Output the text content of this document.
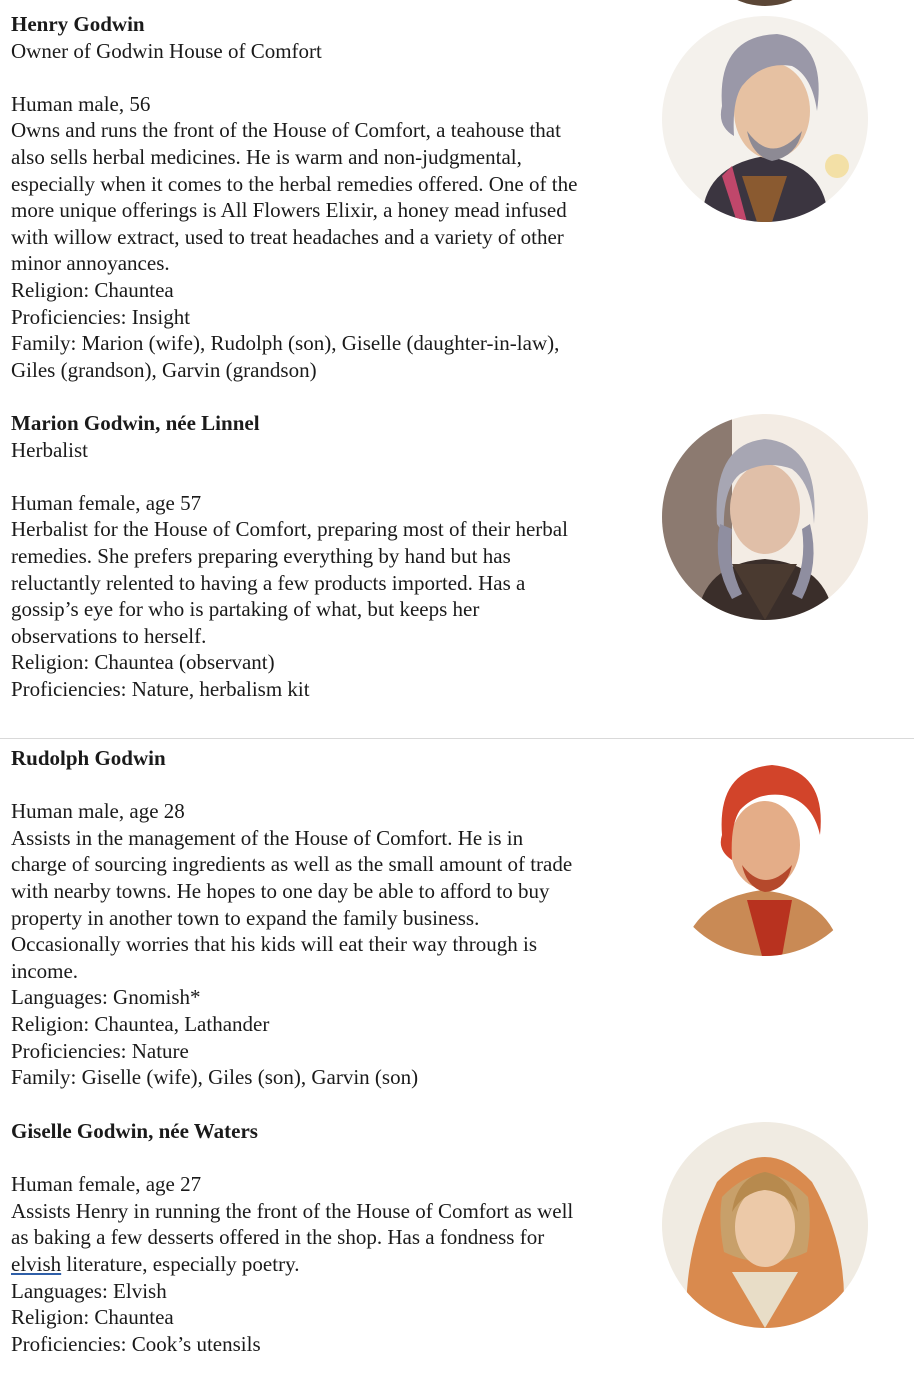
Henry Godwin
Owner of Godwin House of Comfort
Human male, 56
Owns and runs the front of the House of Comfort, a teahouse that
also sells herbal medicines. He is warm and non-judgmental,
especially when it comes to the herbal remedies offered. One of the
more unique offerings is All Flowers Elixir, a honey mead infused
with willow extract, used to treat headaches and a variety of other
minor annoyances.
Religion: Chauntea
Proficiencies: Insight
Family: Marion (wife), Rudolph (son), Giselle (daughter-in-law),
Giles (grandson), Garvin (grandson)
Marion Godwin, née Linnel
Herbalist
Human female, age 57
Herbalist for the House of Comfort, preparing most of their herbal
remedies. She prefers preparing everything by hand but has
reluctantly relented to having a few products imported. Has a
gossip’s eye for who is partaking of what, but keeps her
observations to herself.
Religion: Chauntea (observant)
Proficiencies: Nature, herbalism kit
Rudolph Godwin
Human male, age 28
Assists in the management of the House of Comfort. He is in
charge of sourcing ingredients as well as the small amount of trade
with nearby towns. He hopes to one day be able to afford to buy
property in another town to expand the family business.
Occasionally worries that his kids will eat their way through is
income.
Languages: Gnomish*
Religion: Chauntea, Lathander
Proficiencies: Nature
Family: Giselle (wife), Giles (son), Garvin (son)
Giselle Godwin, née Waters
Human female, age 27
Assists Henry in running the front of the House of Comfort as well
as baking a few desserts offered in the shop. Has a fondness for
elvish literature, especially poetry.
Languages: Elvish
Religion: Chauntea
Proficiencies: Cook’s utensils
